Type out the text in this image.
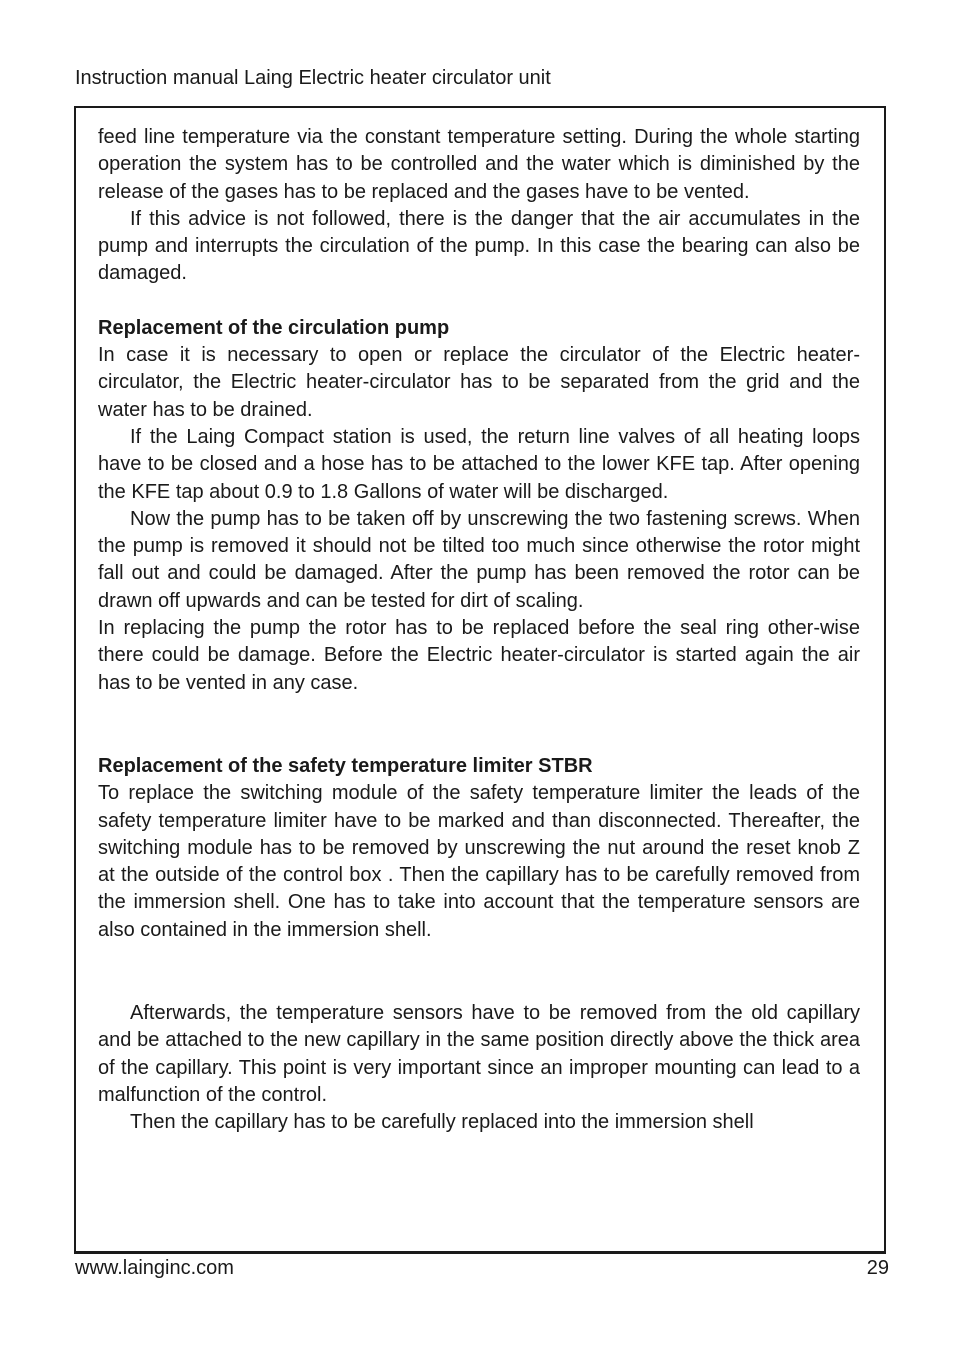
Instruction manual Laing Electric heater circulator unit

feed line temperature via the constant temperature setting. During the whole starting operation the system has to be controlled and the water which is diminished by the release of the gases has to be replaced and the gases have to be vented.

If this advice is not followed, there is the danger that the air accumulates in the pump and interrupts the circulation of the pump. In this case the bearing can also be damaged.

Replacement of the circulation pump

In case it is necessary to open or replace the circulator of the Electric heater-circulator, the Electric heater-circulator has to be separated from the grid and the water has to be drained.

If the Laing Compact station is used, the return line valves of all heating loops have to be closed and a hose has to be attached to the lower KFE tap. After opening the KFE tap about 0.9 to 1.8 Gallons of water will be discharged.

Now the pump has to be taken off by unscrewing the two fastening screws. When the pump is removed it should not be tilted too much since otherwise the rotor might fall out and could be damaged. After the pump has been removed the rotor can be drawn off upwards and can be tested for dirt of scaling.

In replacing the pump the rotor has to be replaced before the seal ring other-wise there could be damage. Before the Electric heater-circulator is started again the air has to be vented in any case.

Replacement of the safety temperature limiter STBR

To replace the switching module of the safety temperature limiter the leads of the safety temperature limiter have to be marked and than disconnected. Thereafter, the switching module has to be removed by unscrewing the nut around the reset knob Z at the outside of the control box . Then the capillary has to be carefully removed from the immersion shell. One has to take into account that the temperature sensors are also contained in the immersion shell.

Afterwards, the temperature sensors have to be removed from the old capillary and be attached to the new capillary in the same position directly above the thick area of the capillary. This point is very important since an improper mounting can lead to a malfunction of the control.

Then the capillary has to be carefully replaced into the immersion shell

www.lainginc.com	29
